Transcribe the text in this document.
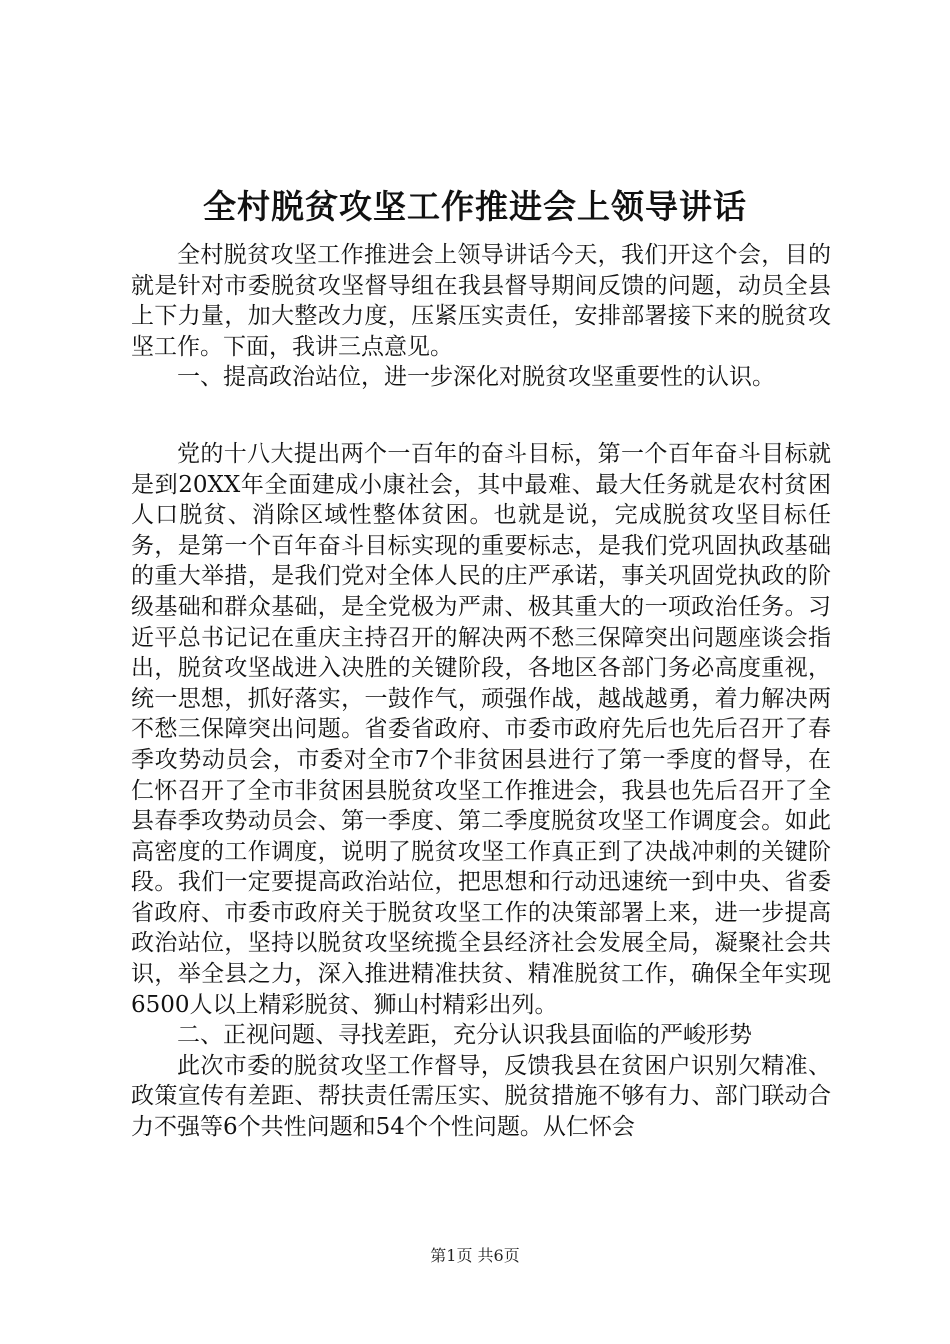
全村脱贫攻坚工作推进会上领导讲话

全村脱贫攻坚工作推进会上领导讲话今天，我们开这个会，目的就是针对市委脱贫攻坚督导组在我县督导期间反馈的问题，动员全县上下力量，加大整改力度，压紧压实责任，安排部署接下来的脱贫攻坚工作。下面，我讲三点意见。

一、提高政治站位，进一步深化对脱贫攻坚重要性的认识。

党的十八大提出两个一百年的奋斗目标，第一个百年奋斗目标就是到20XX年全面建成小康社会，其中最难、最大任务就是农村贫困人口脱贫、消除区域性整体贫困。也就是说，完成脱贫攻坚目标任务，是第一个百年奋斗目标实现的重要标志，是我们党巩固执政基础的重大举措，是我们党对全体人民的庄严承诺，事关巩固党执政的阶级基础和群众基础，是全党极为严肃、极其重大的一项政治任务。习近平总书记记在重庆主持召开的解决两不愁三保障突出问题座谈会指出，脱贫攻坚战进入决胜的关键阶段，各地区各部门务必高度重视，统一思想，抓好落实，一鼓作气，顽强作战，越战越勇，着力解决两不愁三保障突出问题。省委省政府、市委市政府先后也先后召开了春季攻势动员会，市委对全市7个非贫困县进行了第一季度的督导，在仁怀召开了全市非贫困县脱贫攻坚工作推进会，我县也先后召开了全县春季攻势动员会、第一季度、第二季度脱贫攻坚工作调度会。如此高密度的工作调度，说明了脱贫攻坚工作真正到了决战冲刺的关键阶段。我们一定要提高政治站位，把思想和行动迅速统一到中央、省委省政府、市委市政府关于脱贫攻坚工作的决策部署上来，进一步提高政治站位，坚持以脱贫攻坚统揽全县经济社会发展全局，凝聚社会共识，举全县之力，深入推进精准扶贫、精准脱贫工作，确保全年实现6500人以上精彩脱贫、狮山村精彩出列。

二、正视问题、寻找差距，充分认识我县面临的严峻形势

此次市委的脱贫攻坚工作督导，反馈我县在贫困户识别欠精准、政策宣传有差距、帮扶责任需压实、脱贫措施不够有力、部门联动合力不强等6个共性问题和54个个性问题。从仁怀会

第1页 共6页
